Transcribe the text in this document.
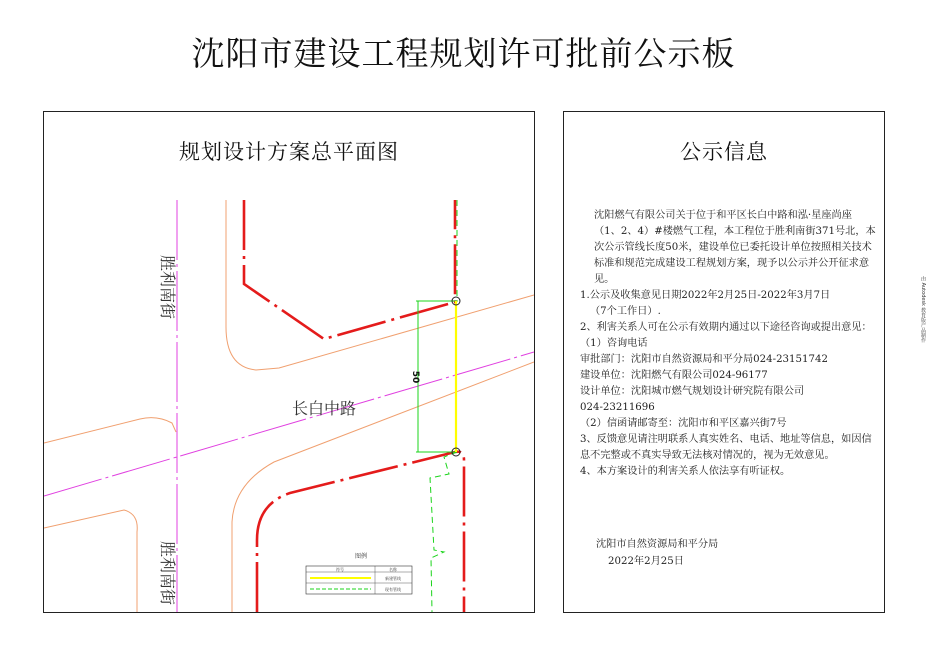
沈阳市建设工程规划许可批前公示板
50
胜利南街
胜利南街
长白中路
图例
符号	名称
新建管线
现有管线
规划设计方案总平面图	公示信息

沈阳燃气有限公司关于位于和平区长白中路和泓·星座尚座（1、2、4）#楼燃气工程，本工程位于胜利南街371号北，本次公示管线长度50米，建设单位已委托设计单位按照相关技术标准和规范完成建设工程规划方案，现予以公示并公开征求意见。

1.公示及收集意见日期2022年2月25日-2022年3月7日

（7个工作日）.

2、利害关系人可在公示有效期内通过以下途径咨询或提出意见：

（1）咨询电话

审批部门：沈阳市自然资源局和平分局024-23151742

建设单位：沈阳燃气有限公司024-96177

设计单位：沈阳城市燃气规划设计研究院有限公司

024-23211696

（2）信函请邮寄至：沈阳市和平区嘉兴街7号

3、反馈意见请注明联系人真实姓名、电话、地址等信息，如因信息不完整或不真实导致无法核对情况的，视为无效意见。

4、本方案设计的利害关系人依法享有听证权。

沈阳市自然资源局和平分局
2022年2月25日
由 Autodesk 教育版产品制作
